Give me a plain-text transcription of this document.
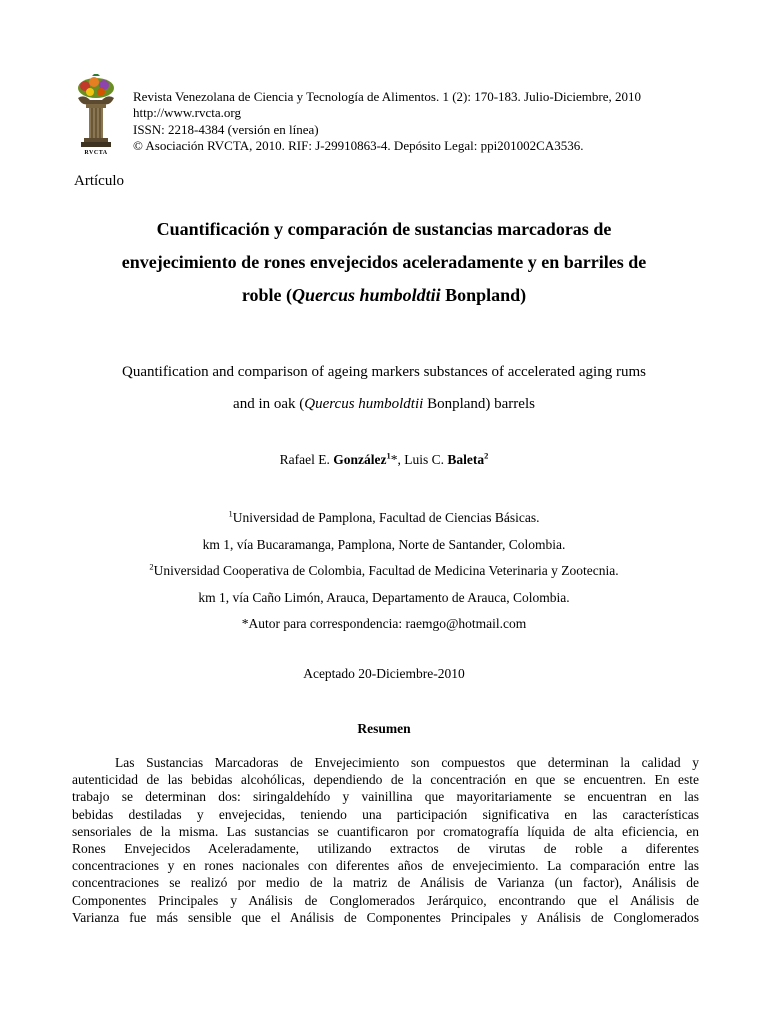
RVCTA
Revista Venezolana de Ciencia y Tecnología de Alimentos. 1 (2): 170-183. Julio-Diciembre, 2010
http://www.rvcta.org
ISSN: 2218-4384 (versión en línea)
© Asociación RVCTA, 2010. RIF: J-29910863-4. Depósito Legal: ppi201002CA3536.
Artículo
Cuantificación y comparación de sustancias marcadoras de
envejecimiento de rones envejecidos aceleradamente y en barriles de
roble (Quercus humboldtii Bonpland)
Quantification and comparison of ageing markers substances of accelerated aging rums
and in oak (Quercus humboldtii Bonpland) barrels
Rafael E. González$^1$*, Luis C. Baleta$^2$
$^1$Universidad de Pamplona, Facultad de Ciencias Básicas.
km 1, vía Bucaramanga, Pamplona, Norte de Santander, Colombia.
$^2$Universidad Cooperativa de Colombia, Facultad de Medicina Veterinaria y Zootecnia.
km 1, vía Caño Limón, Arauca, Departamento de Arauca, Colombia.
*Autor para correspondencia: raemgo@hotmail.com
Aceptado 20-Diciembre-2010
Resumen
Las Sustancias Marcadoras de Envejecimiento son compuestos que determinan la calidad y
autenticidad de las bebidas alcohólicas, dependiendo de la concentración en que se encuentren. En este
trabajo se determinan dos: siringaldehído y vainillina que mayoritariamente se encuentran en las
bebidas destiladas y envejecidas, teniendo una participación significativa en las características
sensoriales de la misma. Las sustancias se cuantificaron por cromatografía líquida de alta eficiencia, en
Rones Envejecidos Aceleradamente, utilizando extractos de virutas de roble a diferentes
concentraciones y en rones nacionales con diferentes años de envejecimiento. La comparación entre las
concentraciones se realizó por medio de la matriz de Análisis de Varianza (un factor), Análisis de
Componentes Principales y Análisis de Conglomerados Jerárquico, encontrando que el Análisis de
Varianza fue más sensible que el Análisis de Componentes Principales y Análisis de Conglomerados
